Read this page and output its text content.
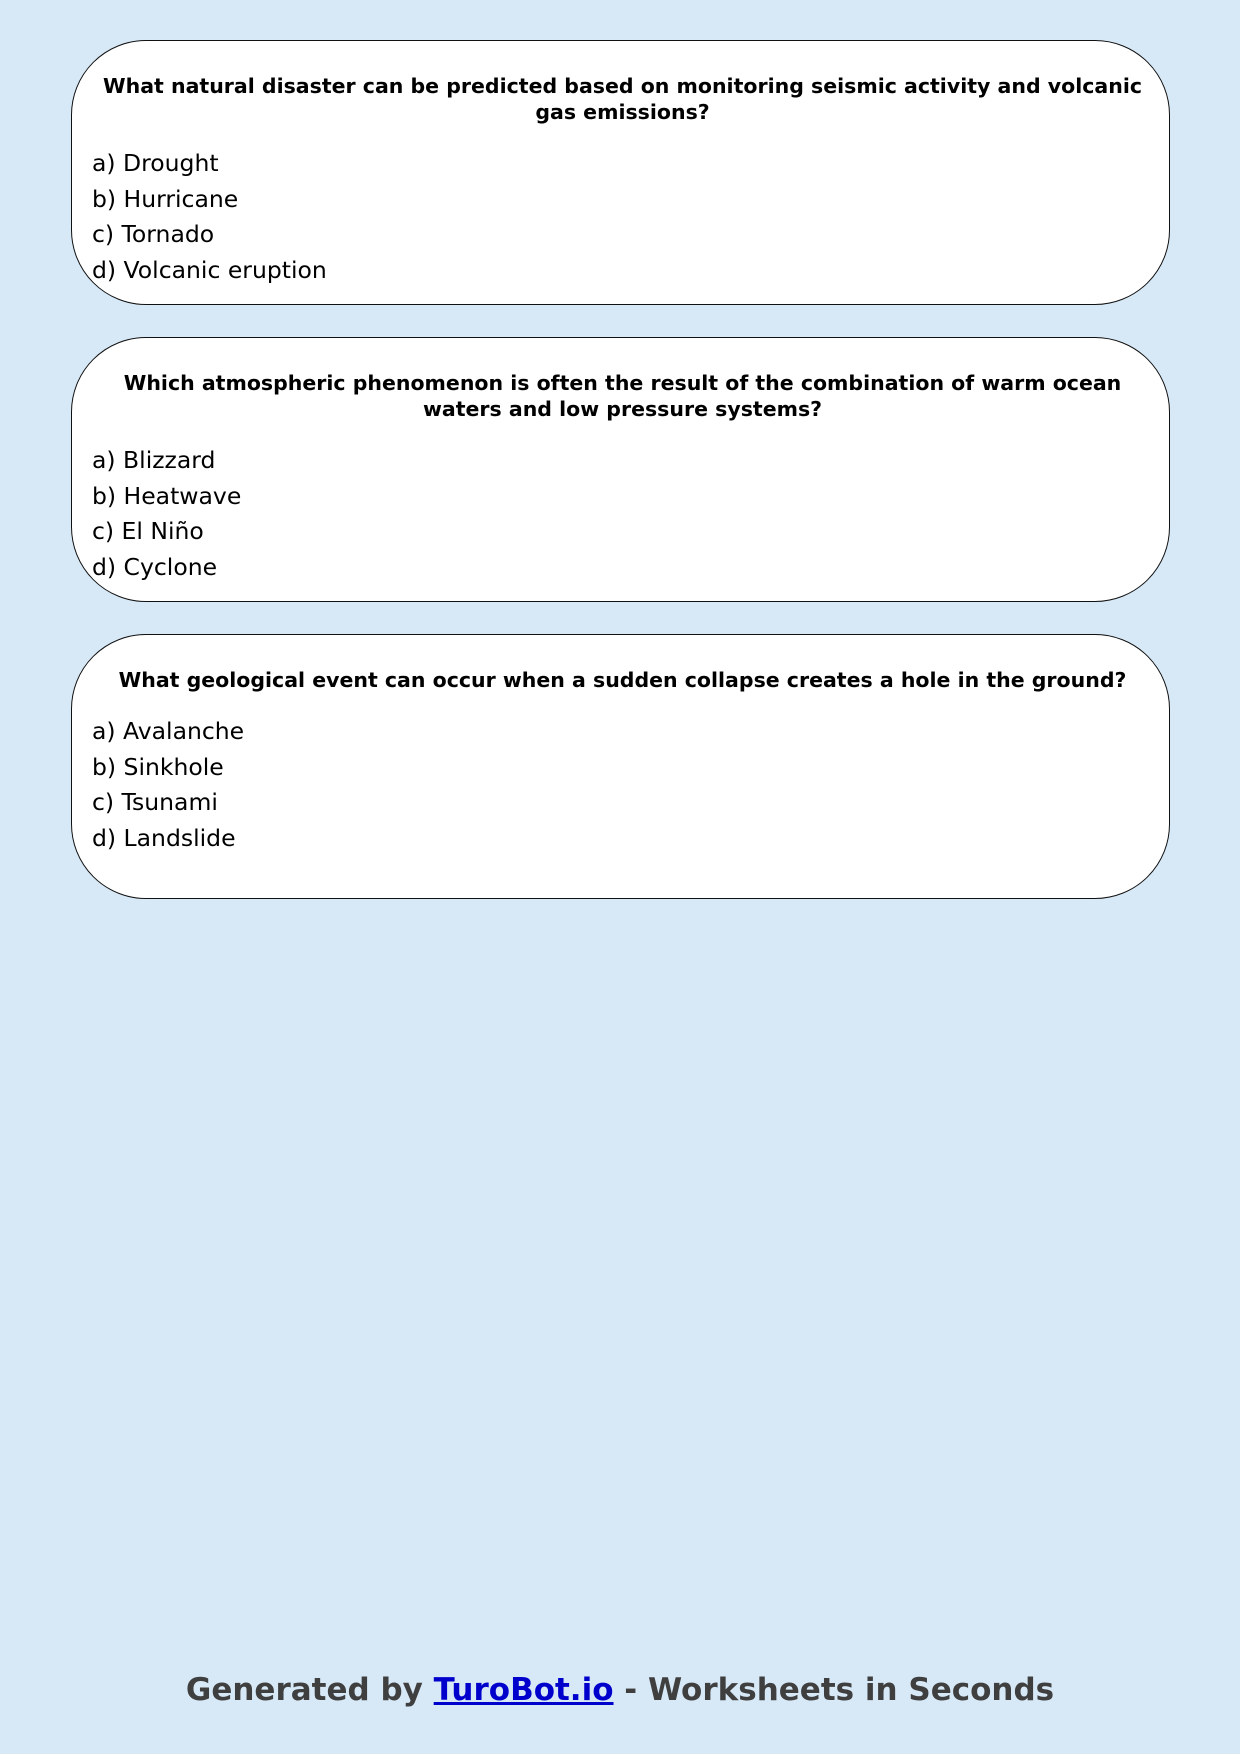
What natural disaster can be predicted based on monitoring seismic activity and volcanic gas emissions?
a) Drought
b) Hurricane
c) Tornado
d) Volcanic eruption
Which atmospheric phenomenon is often the result of the combination of warm ocean waters and low pressure systems?
a) Blizzard
b) Heatwave
c) El Niño
d) Cyclone
What geological event can occur when a sudden collapse creates a hole in the ground?
a) Avalanche
b) Sinkhole
c) Tsunami
d) Landslide
Generated by TuroBot.io - Worksheets in Seconds
